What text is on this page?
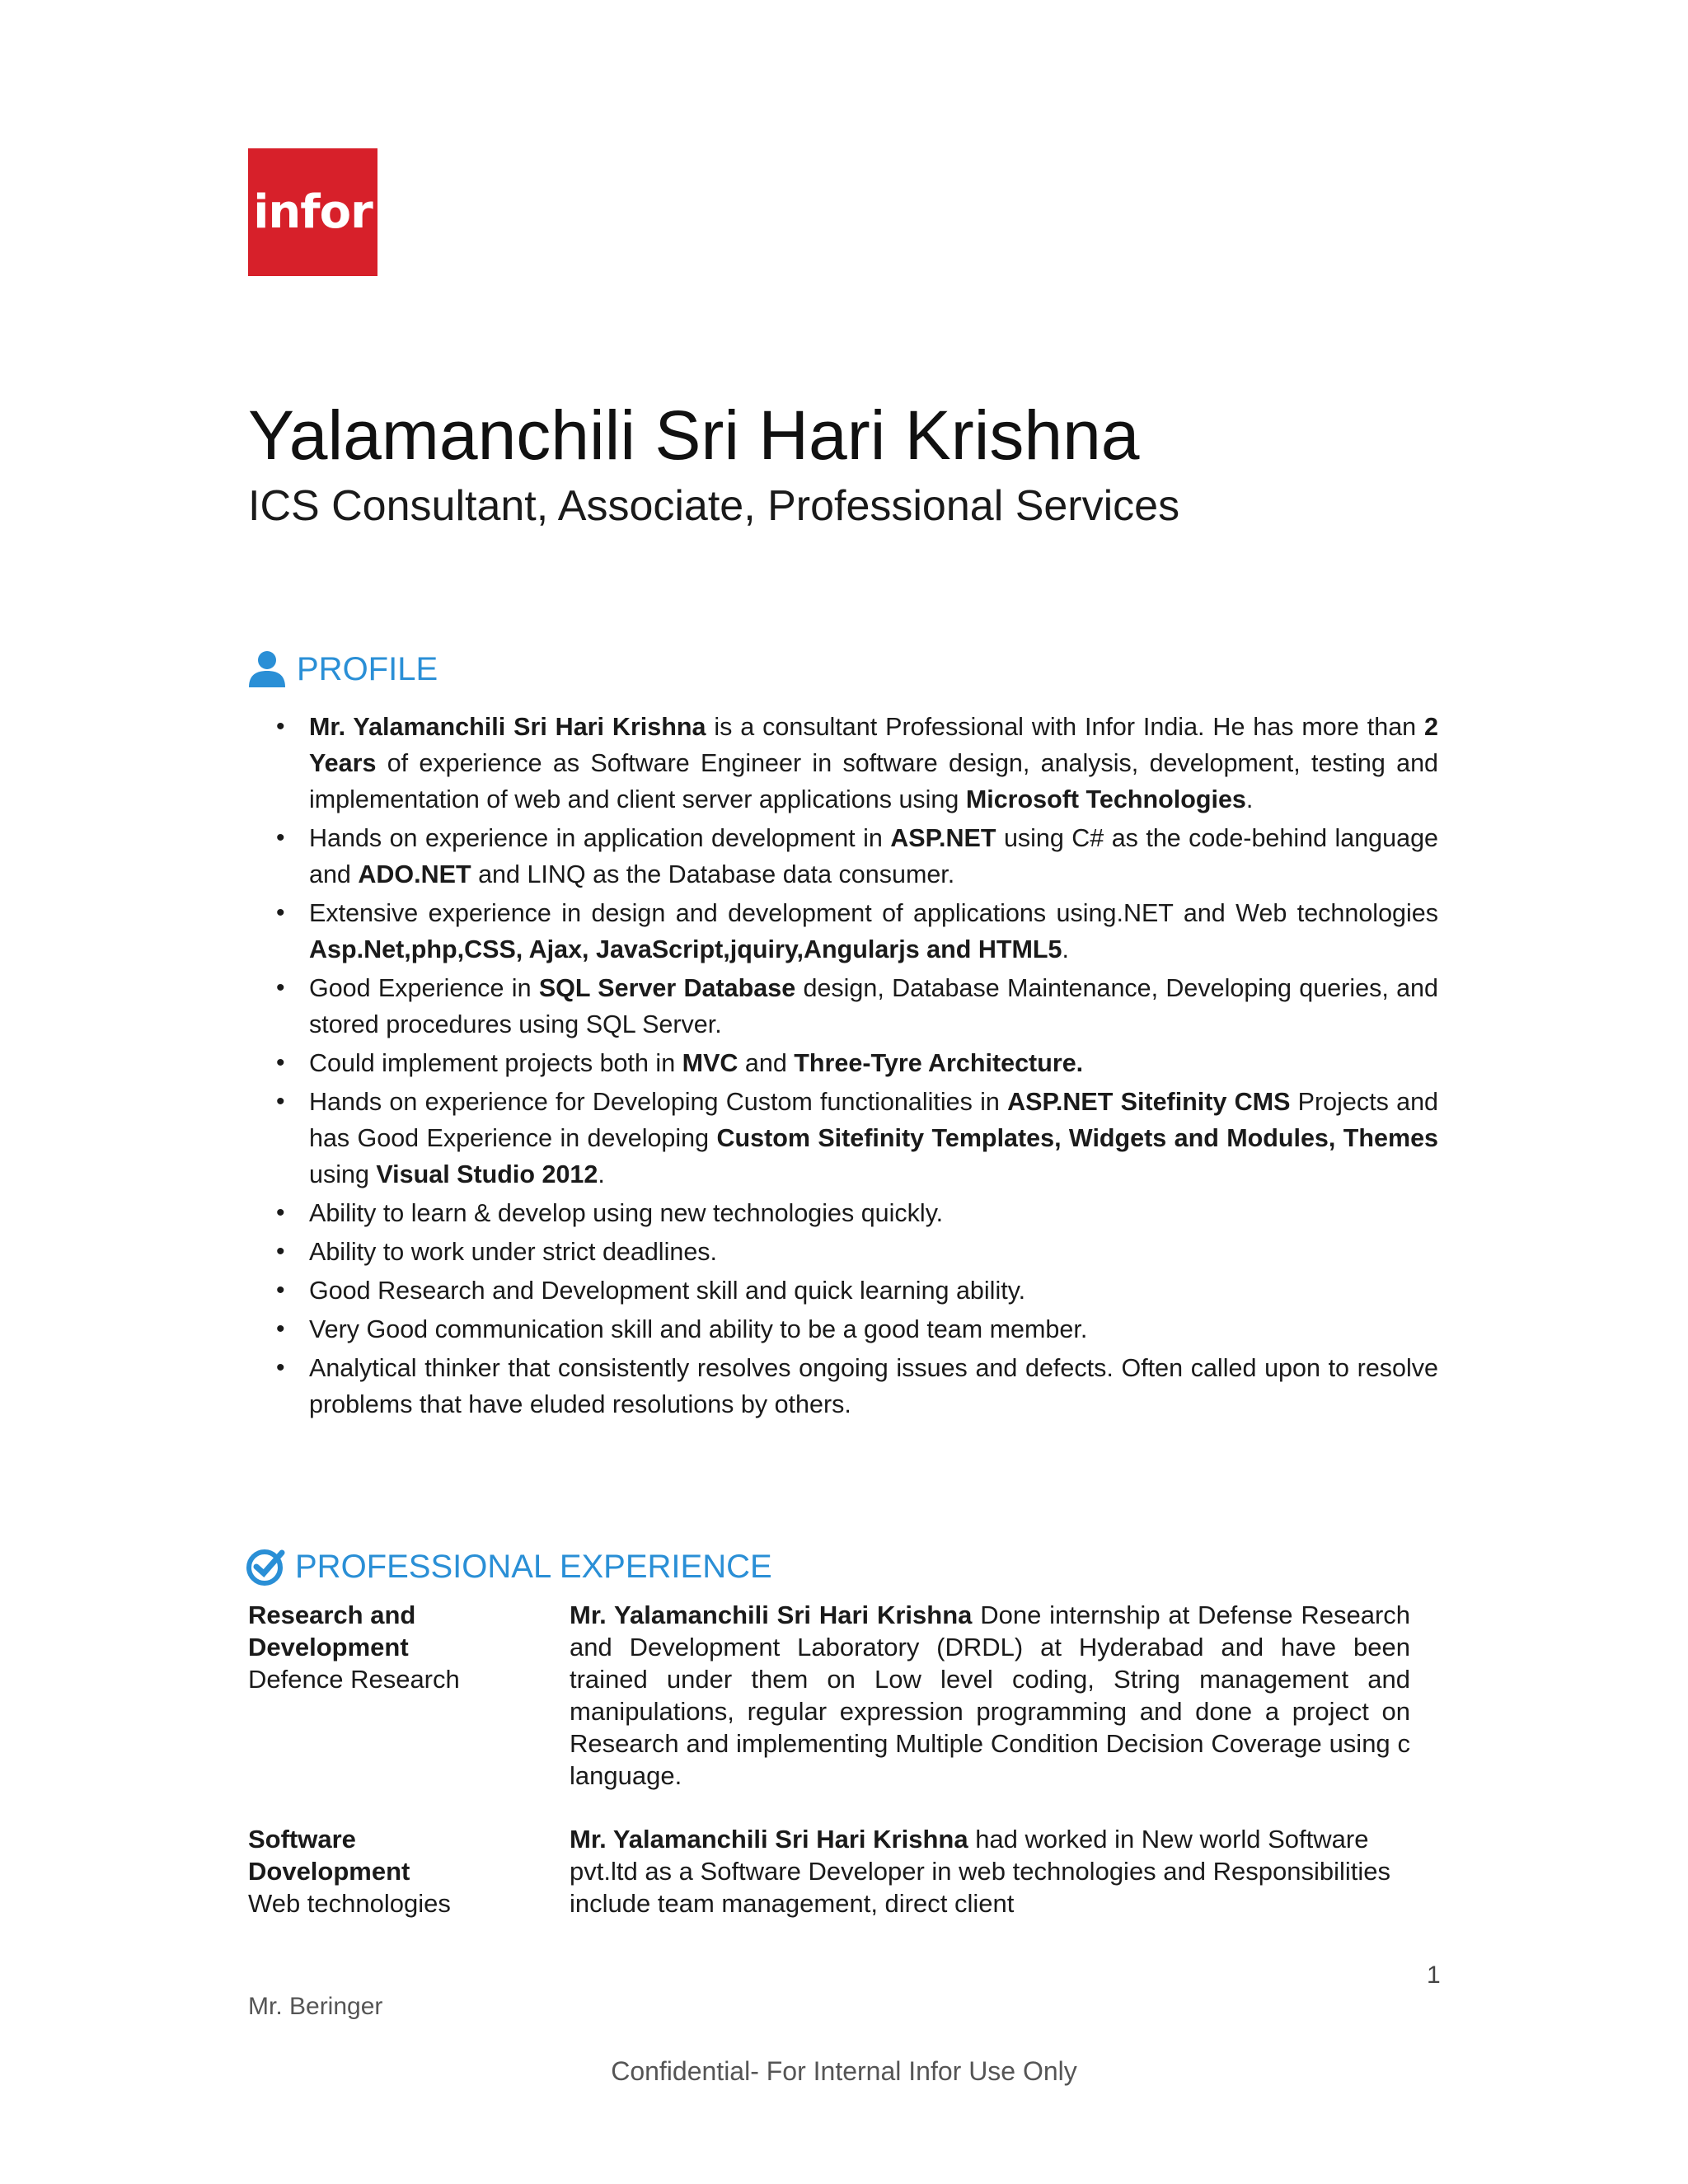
infor
Yalamanchili Sri Hari Krishna
ICS Consultant, Associate, Professional Services
PROFILE
• Mr. Yalamanchili Sri Hari Krishna is a consultant Professional with Infor India. He has more than 2 Years of experience as Software Engineer in software design, analysis, development, testing and implementation of web and client server applications using Microsoft Technologies.
• Hands on experience in application development in ASP.NET using C# as the code-behind language and ADO.NET and LINQ as the Database data consumer.
• Extensive experience in design and development of applications using.NET and Web technologies Asp.Net,php,CSS, Ajax, JavaScript,jquiry,Angularjs and HTML5.
• Good Experience in SQL Server Database design, Database Maintenance, Developing queries, and stored procedures using SQL Server.
• Could implement projects both in MVC and Three-Tyre Architecture.
• Hands on experience for Developing Custom functionalities in ASP.NET Sitefinity CMS Projects and has Good Experience in developing Custom Sitefinity Templates, Widgets and Modules, Themes using Visual Studio 2012.
• Ability to learn & develop using new technologies quickly.
• Ability to work under strict deadlines.
• Good Research and Development skill and quick learning ability.
• Very Good communication skill and ability to be a good team member.
• Analytical thinker that consistently resolves ongoing issues and defects. Often called upon to resolve problems that have eluded resolutions by others.
PROFESSIONAL EXPERIENCE
Research and
Development
Defence Research
Mr. Yalamanchili Sri Hari Krishna Done internship at Defense Research and Development Laboratory (DRDL) at Hyderabad and have been trained under them on Low level coding, String management and manipulations, regular expression programming and done a project on Research and implementing Multiple Condition Decision Coverage using c language.
Software
Dovelopment
Web technologies
Mr. Yalamanchili Sri Hari Krishna had worked in New world Software pvt.ltd as a Software Developer in web technologies and Responsibilities include team management, direct client
1
Mr. Beringer
Confidential- For Internal Infor Use Only
